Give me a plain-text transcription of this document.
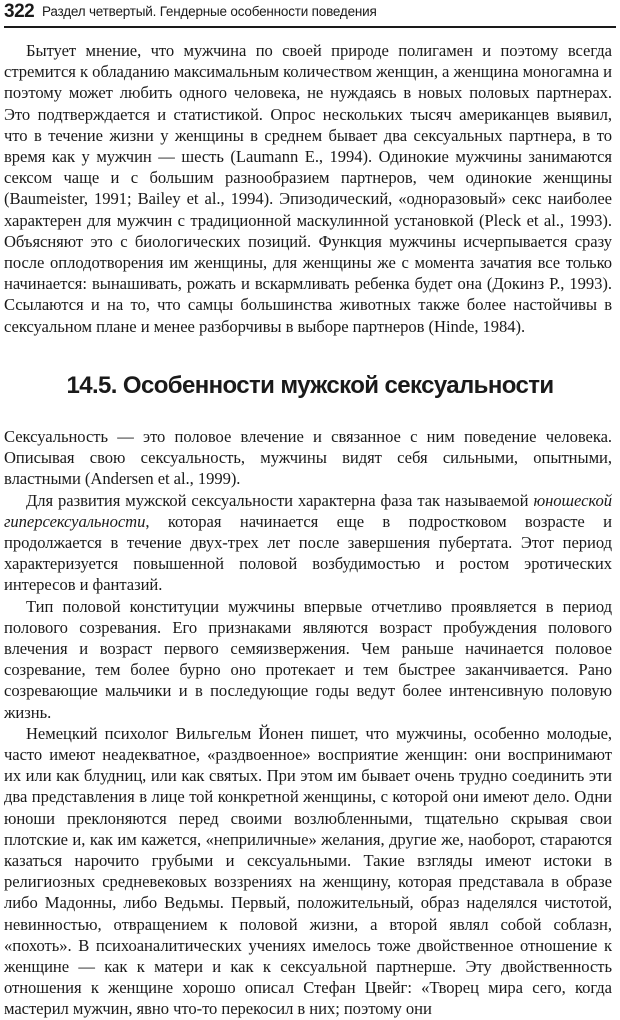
322 Раздел четвертый. Гендерные особенности поведения

Бытует мнение, что мужчина по своей природе полигамен и поэтому всегда стремится к обладанию максимальным количеством женщин, а женщина моногамна и поэтому может любить одного человека, не нуждаясь в новых половых партнерах. Это подтверждается и статистикой. Опрос нескольких тысяч американцев выявил, что в течение жизни у женщины в среднем бывает два сексуальных партнера, в то время как у мужчин — шесть (Laumann E., 1994). Одинокие мужчины занимаются сексом чаще и с большим разнообразием партнеров, чем одинокие женщины (Baumeister, 1991; Bailey et al., 1994). Эпизодический, «одноразовый» секс наиболее характерен для мужчин с традиционной маскулинной установкой (Pleck et al., 1993). Объясняют это с биологических позиций. Функция мужчины исчерпывается сразу после оплодотворения им женщины, для женщины же с момента зачатия все только начинается: вынашивать, рожать и вскармливать ребенка будет она (Докинз Р., 1993). Ссылаются и на то, что самцы большинства животных также более настойчивы в сексуальном плане и менее разборчивы в выборе партнеров (Hinde, 1984).

14.5. Особенности мужской сексуальности

Сексуальность — это половое влечение и связанное с ним поведение человека. Описывая свою сексуальность, мужчины видят себя сильными, опытными, властными (Andersen et al., 1999).

Для развития мужской сексуальности характерна фаза так называемой юношеской гиперсексуальности, которая начинается еще в подростковом возрасте и продолжается в течение двух-трех лет после завершения пубертата. Этот период характеризуется повышенной половой возбудимостью и ростом эротических интересов и фантазий.

Тип половой конституции мужчины впервые отчетливо проявляется в период полового созревания. Его признаками являются возраст пробуждения полового влечения и возраст первого семяизвержения. Чем раньше начинается половое созревание, тем более бурно оно протекает и тем быстрее заканчивается. Рано созревающие мальчики и в последующие годы ведут более интенсивную половую жизнь.

Немецкий психолог Вильгельм Йонен пишет, что мужчины, особенно молодые, часто имеют неадекватное, «раздвоенное» восприятие женщин: они воспринимают их или как блудниц, или как святых. При этом им бывает очень трудно соединить эти два представления в лице той конкретной женщины, с которой они имеют дело. Одни юноши преклоняются перед своими возлюбленными, тщательно скрывая свои плотские и, как им кажется, «неприличные» желания, другие же, наоборот, стараются казаться нарочито грубыми и сексуальными. Такие взгляды имеют истоки в религиозных средневековых воззрениях на женщину, которая представала в образе либо Мадонны, либо Ведьмы. Первый, положительный, образ наделялся чистотой, невинностью, отвращением к половой жизни, а второй являл собой соблазн, «похоть». В психоаналитических учениях имелось тоже двойственное отношение к женщине — как к матери и как к сексуальной партнерше. Эту двойственность отношения к женщине хорошо описал Стефан Цвейг: «Творец мира сего, когда мастерил мужчин, явно что-то перекосил в них; поэтому они
